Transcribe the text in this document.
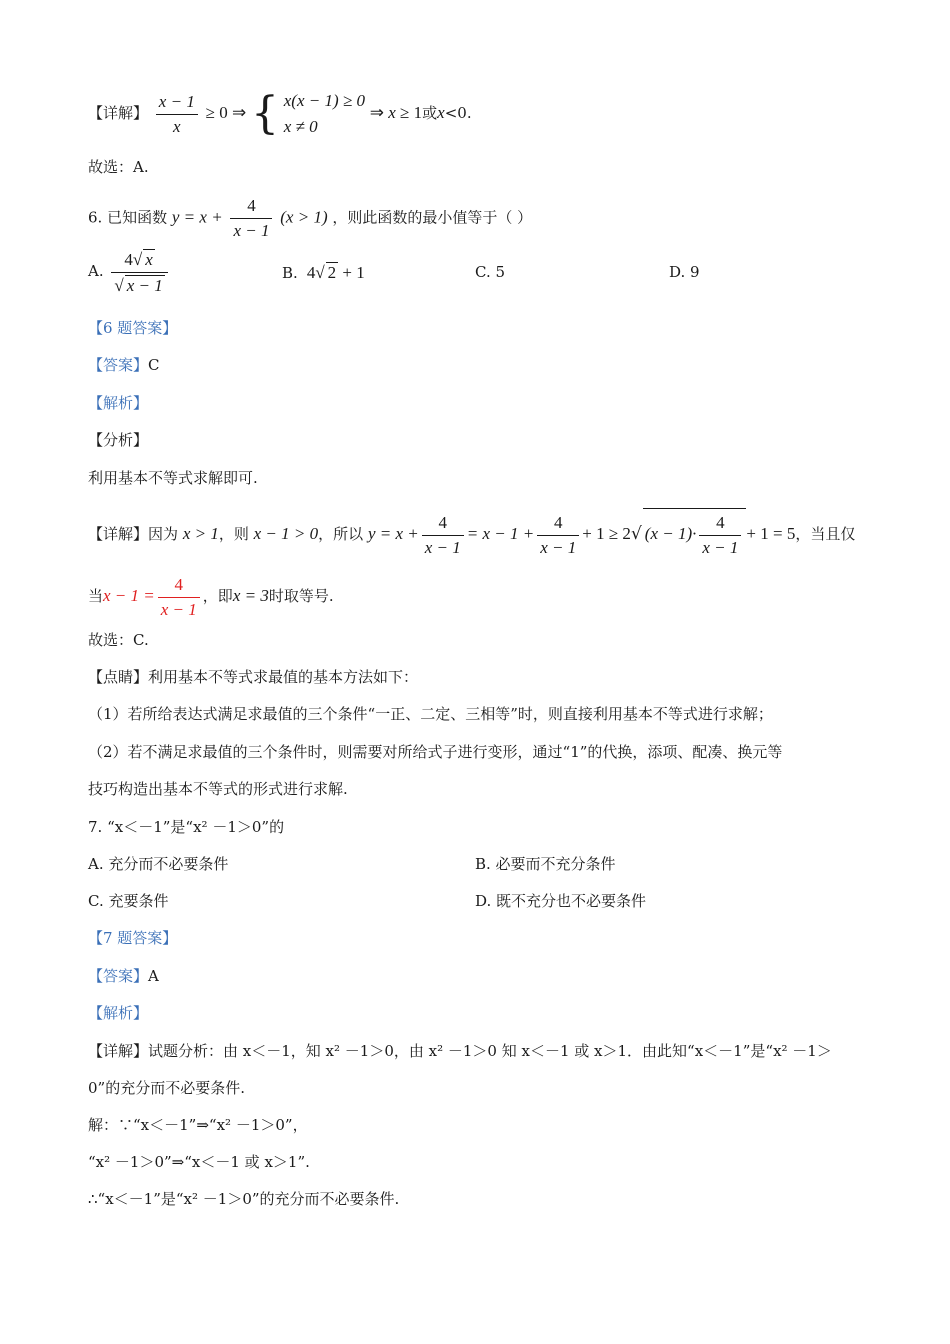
【详解】 $\frac{x - 1}{x} \ge 0$ ⇒ { x(x − 1) ≥ 0
x ≠ 0
⇒ x ≥ 1或x<0.
故选：A.
6. 已知函数 $y = x + \frac{4}{x - 1} (x > 1)$ ，则此函数的最小值等于（ ）
A. $\frac{4√ x}{√ x - 1}$	B.  4√ 2 + 1	C. 5	D. 9
【6 题答案】
【答案】C
【解析】
【分析】
利用基本不等式求解即可.
【详解】因为 x > 1，则 x − 1 > 0，所以 $y = x + \frac{4}{x - 1} = x - 1 + \frac{4}{x - 1} + 1 \ge 2√$ $(x - 1)\cdot \frac{4}{x - 1} + 1 = 5$，当且仅
当$x - 1 = \frac{4}{x - 1}$ ，即x = 3时取等号.
故选：C.
【点睛】利用基本不等式求最值的基本方法如下：
（1）若所给表达式满足求最值的三个条件“一正、二定、三相等”时，则直接利用基本不等式进行求解；
（2）若不满足求最值的三个条件时，则需要对所给式子进行变形，通过“1”的代换，添项、配凑、换元等
技巧构造出基本不等式的形式进行求解.
7. “x＜－1”是“x² －1＞0”的
A. 充分而不必要条件	B. 必要而不充分条件
C. 充要条件	D. 既不充分也不必要条件
【7 题答案】
【答案】A
【解析】
【详解】试题分析：由 x＜－1，知 x² －1＞0，由 x² －1＞0 知 x＜－1 或 x＞1．由此知“x＜－1”是“x² －1＞
0”的充分而不必要条件.
解：∵“x＜－1”⇒“x² －1＞0”，
“x² －1＞0”⇒“x＜－1 或 x＞1”.
∴“x＜－1”是“x² －1＞0”的充分而不必要条件.
